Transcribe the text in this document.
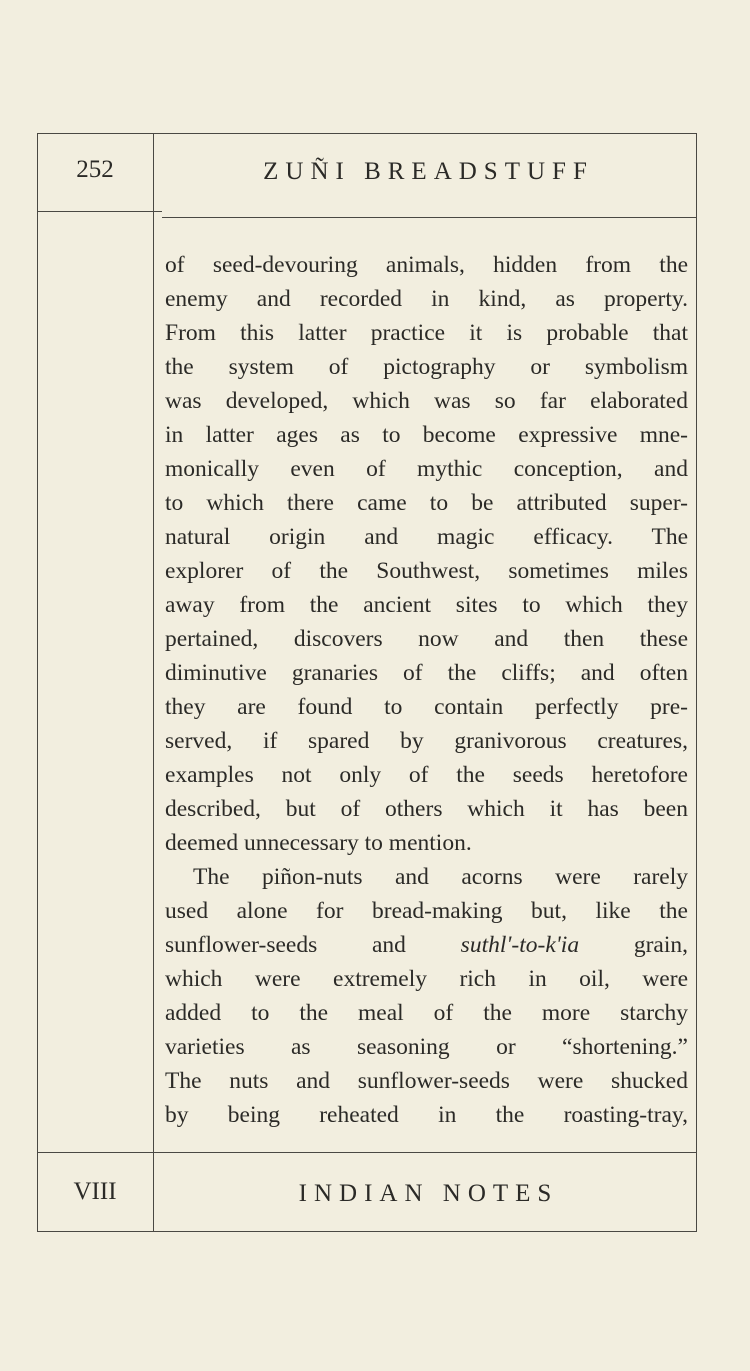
252	ZUÑI BREADSTUFF
of seed-devouring animals, hidden from the
enemy and recorded in kind, as property.
From this latter practice it is probable that
the system of pictography or symbolism
was developed, which was so far elaborated
in latter ages as to become expressive mne-
monically even of mythic conception, and
to which there came to be attributed super-
natural origin and magic efficacy. The
explorer of the Southwest, sometimes miles
away from the ancient sites to which they
pertained, discovers now and then these
diminutive granaries of the cliffs; and often
they are found to contain perfectly pre-
served, if spared by granivorous creatures,
examples not only of the seeds heretofore
described, but of others which it has been
deemed unnecessary to mention.
The piñon-nuts and acorns were rarely
used alone for bread-making but, like the
sunflower-seeds and suthl'-to-k'ia grain,
which were extremely rich in oil, were
added to the meal of the more starchy
varieties as seasoning or “shortening.”
The nuts and sunflower-seeds were shucked
by being reheated in the roasting-tray,
VIII	INDIAN NOTES
